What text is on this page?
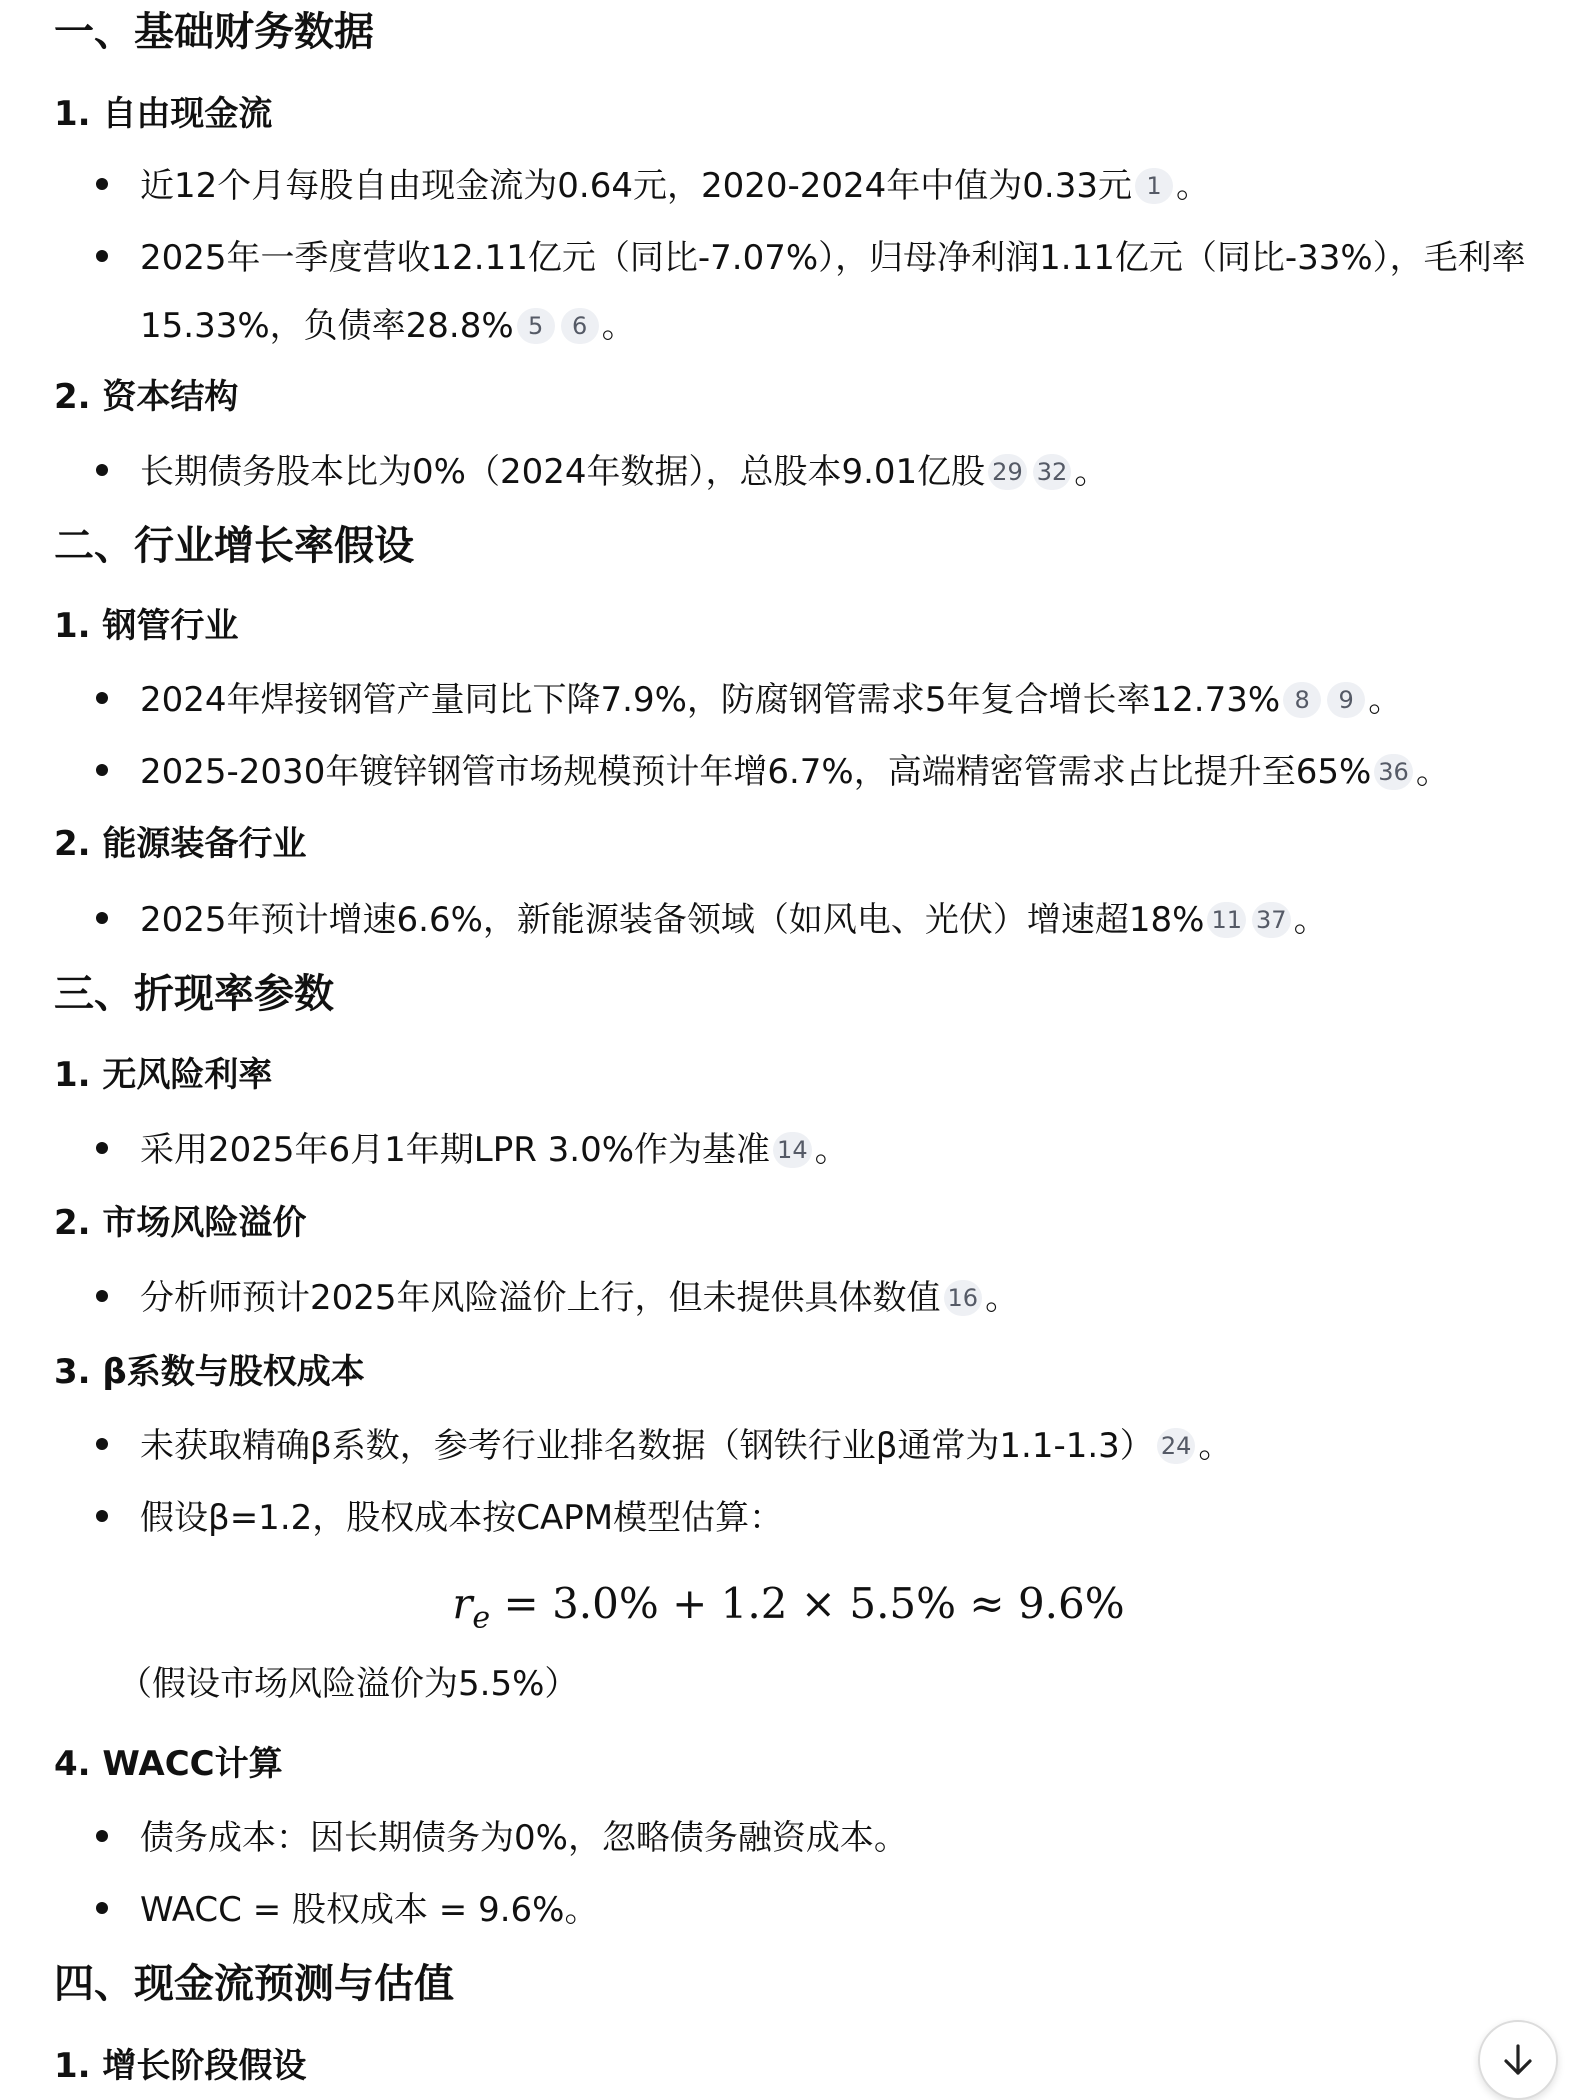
一、基础财务数据
1. 自由现金流
近12个月每股自由现金流为0.64元，2020-2024年中值为0.33元 1 。
2025年一季度营收12.11亿元（同比-7.07%），归母净利润1.11亿元（同比-33%），毛利率15.33%，负债率28.8% 5 6 。
2. 资本结构
长期债务股本比为0%（2024年数据），总股本9.01亿股 29 32 。
二、行业增长率假设
1. 钢管行业
2024年焊接钢管产量同比下降7.9%，防腐钢管需求5年复合增长率12.73% 8 9 。
2025-2030年镀锌钢管市场规模预计年增6.7%，高端精密管需求占比提升至65% 36 。
2. 能源装备行业
2025年预计增速6.6%，新能源装备领域（如风电、光伏）增速超18% 11 37 。
三、折现率参数
1. 无风险利率
采用2025年6月1年期LPR 3.0%作为基准 14 。
2. 市场风险溢价
分析师预计2025年风险溢价上行，但未提供具体数值 16 。
3. β系数与股权成本
未获取精确β系数，参考行业排名数据（钢铁行业β通常为1.1-1.3） 24 。
假设β=1.2，股权成本按CAPM模型估算：
$r_e = 3.0\% + 1.2 \times 5.5\% \approx 9.6\%$
（假设市场风险溢价为5.5%）
4. WACC计算
债务成本：因长期债务为0%，忽略债务融资成本。
WACC = 股权成本 = 9.6%。
四、现金流预测与估值
1. 增长阶段假设
